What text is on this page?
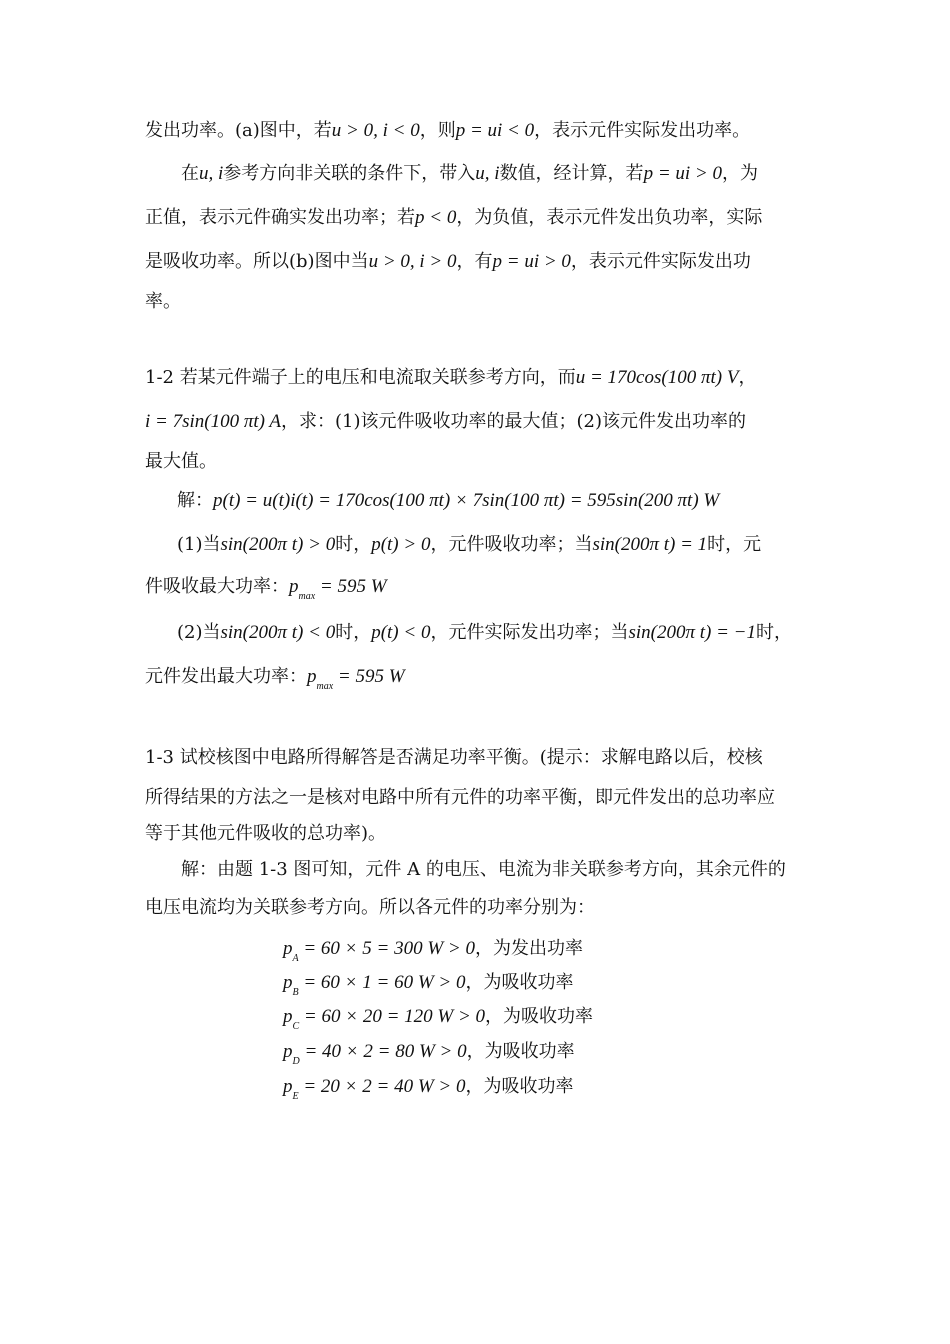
发出功率。(a)图中，若u > 0, i < 0，则p = ui < 0，表示元件实际发出功率。
在u, i参考方向非关联的条件下，带入u, i数值，经计算，若p = ui > 0，为
正值，表示元件确实发出功率；若p < 0，为负值，表示元件发出负功率，实际
是吸收功率。所以(b)图中当u > 0, i > 0，有p = ui > 0，表示元件实际发出功
率。
1-2 若某元件端子上的电压和电流取关联参考方向，而u = 170cos(100 πt) V，
i = 7sin(100 πt) A，求：(1)该元件吸收功率的最大值；(2)该元件发出功率的
最大值。
解：p(t) = u(t)i(t) = 170cos(100 πt) × 7sin(100 πt) = 595sin(200 πt) W
(1)当sin(200π t) > 0时，p(t) > 0，元件吸收功率；当sin(200π t) = 1时，元
件吸收最大功率：$p_{max} = 595$ W
(2)当sin(200π t) < 0时，p(t) < 0，元件实际发出功率；当sin(200π t) = −1时，
元件发出最大功率：$p_{max} = 595$ W
1-3 试校核图中电路所得解答是否满足功率平衡。(提示：求解电路以后，校核
所得结果的方法之一是核对电路中所有元件的功率平衡，即元件发出的总功率应
等于其他元件吸收的总功率)。
解：由题 1-3 图可知，元件 A 的电压、电流为非关联参考方向，其余元件的
电压电流均为关联参考方向。所以各元件的功率分别为：
$p_A = 60 \times 5 = 300$ W > 0，为发出功率
$p_B = 60 \times 1 = 60$ W > 0，为吸收功率
$p_C = 60 \times 20 = 120$ W > 0，为吸收功率
$p_D = 40 \times 2 = 80$ W > 0，为吸收功率
$p_E = 20 \times 2 = 40$ W > 0，为吸收功率
